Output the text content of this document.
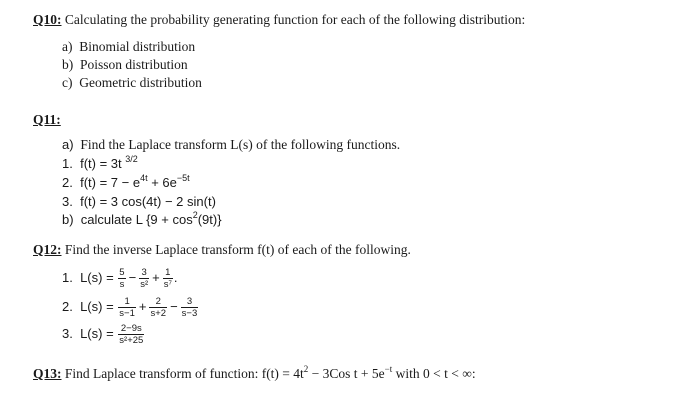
Q10: Calculating the probability generating function for each of the following distribution:
a) Binomial distribution
b) Poisson distribution
c) Geometric distribution
Q11:
a) Find the Laplace transform L(s) of the following functions.
1. f(t) = 3t $^{3/2}$
2. $f(t) = 7 - e^{4t} + 6e^{-5t}$
3. f(t) = 3 cos(4t) − 2 sin(t)
b) calculate L $\{9 + \cos^2(9t)\}$
Q12: Find the inverse Laplace transform f(t) of each of the following.
1. $L(s) = \frac{5}{s} - \frac{3}{\text{s²}} + \frac{1}{\text{s⁷}}$ .
2. $L(s) = \frac{1}{s-1} + \frac{2}{s+2} - \frac{3}{s-3}$
3. $L(s) = \frac{2-9s}{\text{s²+25}}$
Q13: Find Laplace transform of function: $f(t) = 4t^2 - 3Cos$ $t + 5e^{-t}$ with 0 < t < ∞:
